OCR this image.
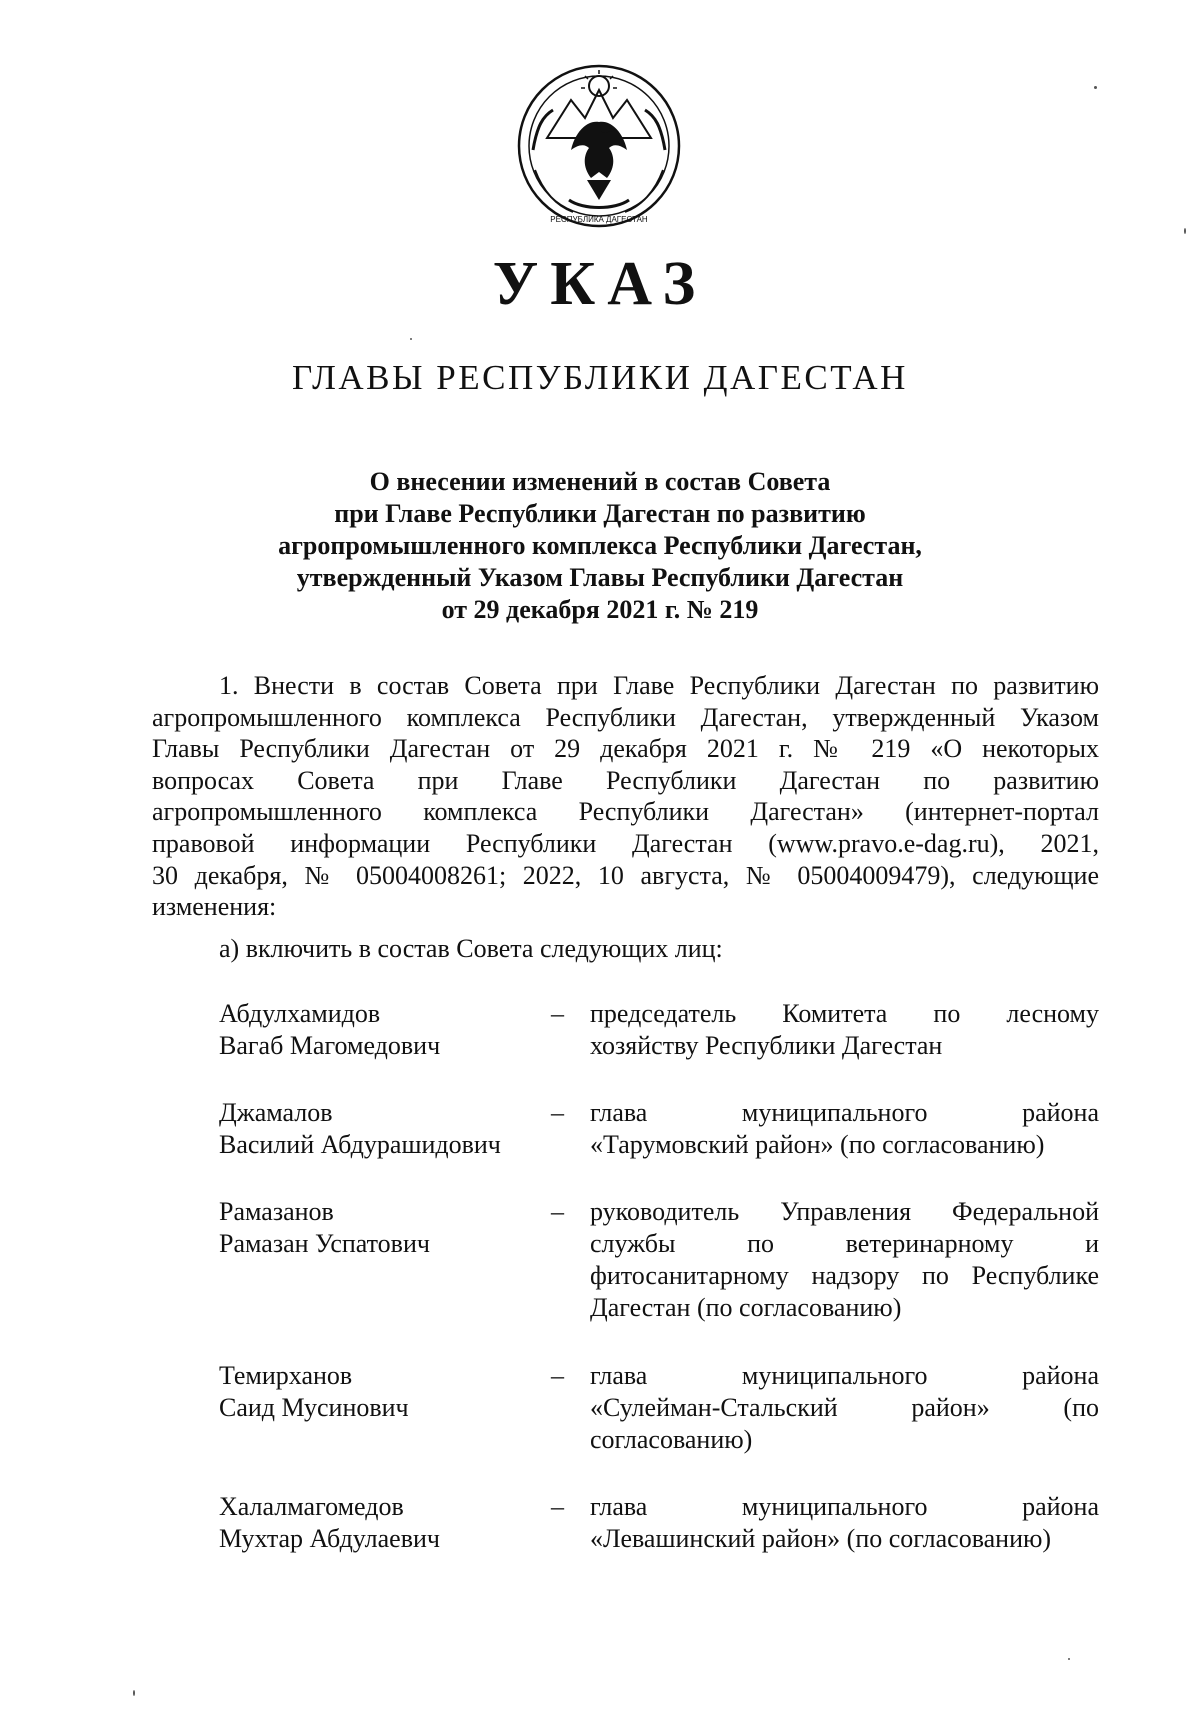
РЕСПУБЛИКА ДАГЕСТАН
УКАЗ
ГЛАВЫ РЕСПУБЛИКИ ДАГЕСТАН
О внесении изменений в состав Совета
при Главе Республики Дагестан по развитию
агропромышленного комплекса Республики Дагестан,
утвержденный Указом Главы Республики Дагестан
от 29 декабря 2021 г. № 219
1. Внести в состав Совета при Главе Республики Дагестан по развитию
агропромышленного комплекса Республики Дагестан, утвержденный Указом
Главы Республики Дагестан от 29 декабря 2021 г. № 219 «О некоторых
вопросах Совета при Главе Республики Дагестан по развитию
агропромышленного комплекса Республики Дагестан» (интернет-портал
правовой информации Республики Дагестан (www.pravo.e-dag.ru), 2021,
30 декабря, № 05004008261; 2022, 10 августа, № 05004009479), следующие
изменения:
а) включить в состав Совета следующих лиц:
Абдулхамидов
Вагаб Магомедович
– председатель Комитета по лесному
хозяйству Республики Дагестан
Джамалов
Василий Абдурашидович
– глава муниципального района
«Тарумовский район» (по согласованию)
Рамазанов
Рамазан Успатович
– руководитель Управления Федеральной
службы по ветеринарному и
фитосанитарному надзору по Республике
Дагестан (по согласованию)
Темирханов
Саид Мусинович
– глава муниципального района
«Сулейман-Стальский район» (по
согласованию)
Халалмагомедов
Мухтар Абдулаевич
– глава муниципального района
«Левашинский район» (по согласованию)
